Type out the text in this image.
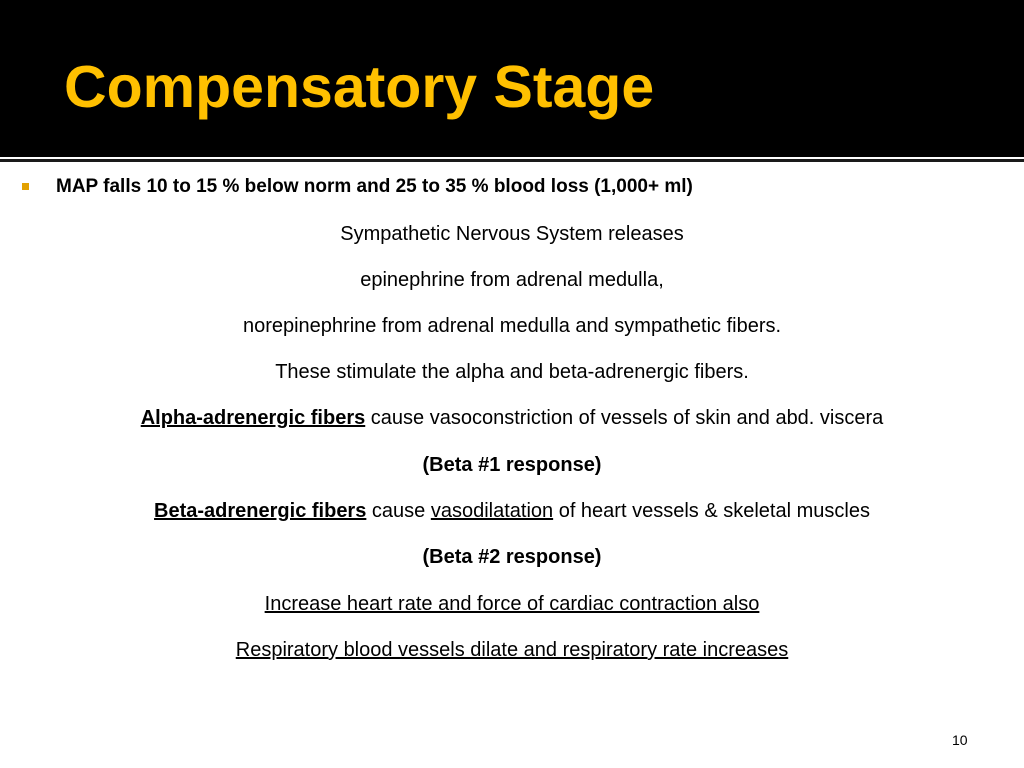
Compensatory Stage
MAP falls 10 to 15 % below norm and 25 to 35 % blood loss (1,000+ ml)
Sympathetic Nervous System releases
epinephrine from adrenal medulla,
norepinephrine from adrenal medulla and sympathetic fibers.
These stimulate the alpha and beta-adrenergic fibers.
Alpha-adrenergic fibers cause vasoconstriction of vessels of skin and abd. viscera
(Beta #1 response)
Beta-adrenergic fibers cause vasodilatation of heart vessels & skeletal muscles
(Beta #2 response)
Increase heart rate and force of cardiac contraction also
Respiratory blood vessels dilate and respiratory rate increases
10
